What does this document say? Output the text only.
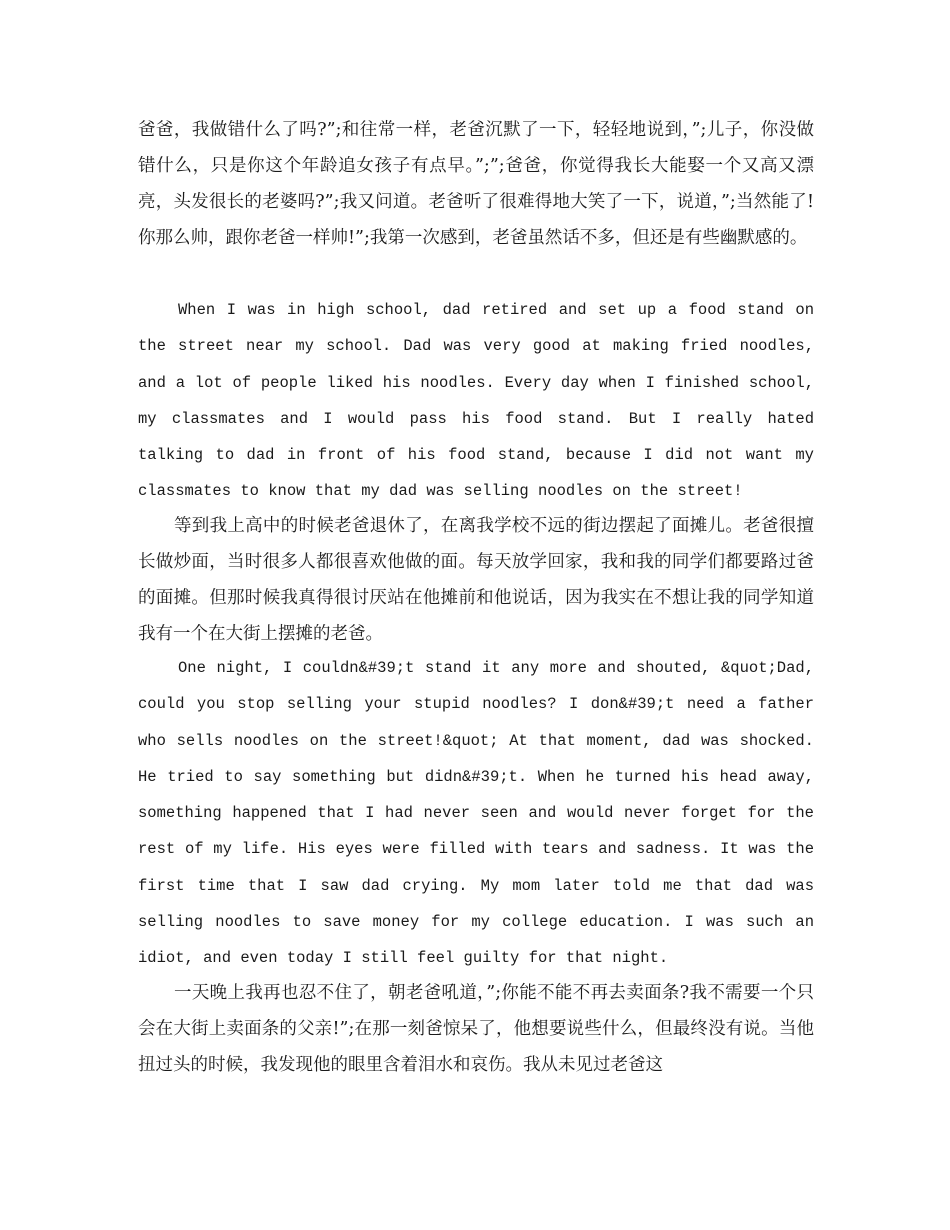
爸爸，我做错什么了吗?”;和往常一样，老爸沉默了一下，轻轻地说到，”;儿子，你没做错什么，只是你这个年龄追女孩子有点早。”;”;爸爸，你觉得我长大能娶一个又高又漂亮，头发很长的老婆吗?”;我又问道。老爸听了很难得地大笑了一下，说道，”;当然能了!你那么帅，跟你老爸一样帅!”;我第一次感到，老爸虽然话不多，但还是有些幽默感的。

When I was in high school, dad retired and set up a food stand on the street near my school. Dad was very good at making fried noodles, and a lot of people liked his noodles. Every day when I finished school, my classmates and I would pass his food stand. But I really hated talking to dad in front of his food stand, because I did not want my classmates to know that my dad was selling noodles on the street!

等到我上高中的时候老爸退休了，在离我学校不远的街边摆起了面摊儿。老爸很擅长做炒面，当时很多人都很喜欢他做的面。每天放学回家，我和我的同学们都要路过爸的面摊。但那时候我真得很讨厌站在他摊前和他说话，因为我实在不想让我的同学知道我有一个在大街上摆摊的老爸。

One night, I couldn&#39;t stand it any more and shouted, &quot;Dad, could you stop selling your stupid noodles? I don&#39;t need a father who sells noodles on the street!&quot; At that moment, dad was shocked. He tried to say something but didn&#39;t. When he turned his head away, something happened that I had never seen and would never forget for the rest of my life. His eyes were filled with tears and sadness. It was the first time that I saw dad crying. My mom later told me that dad was selling noodles to save money for my college education. I was such an idiot, and even today I still feel guilty for that night.

一天晚上我再也忍不住了，朝老爸吼道，”;你能不能不再去卖面条?我不需要一个只会在大街上卖面条的父亲!”;在那一刻爸惊呆了，他想要说些什么，但最终没有说。当他扭过头的时候，我发现他的眼里含着泪水和哀伤。我从未见过老爸这
